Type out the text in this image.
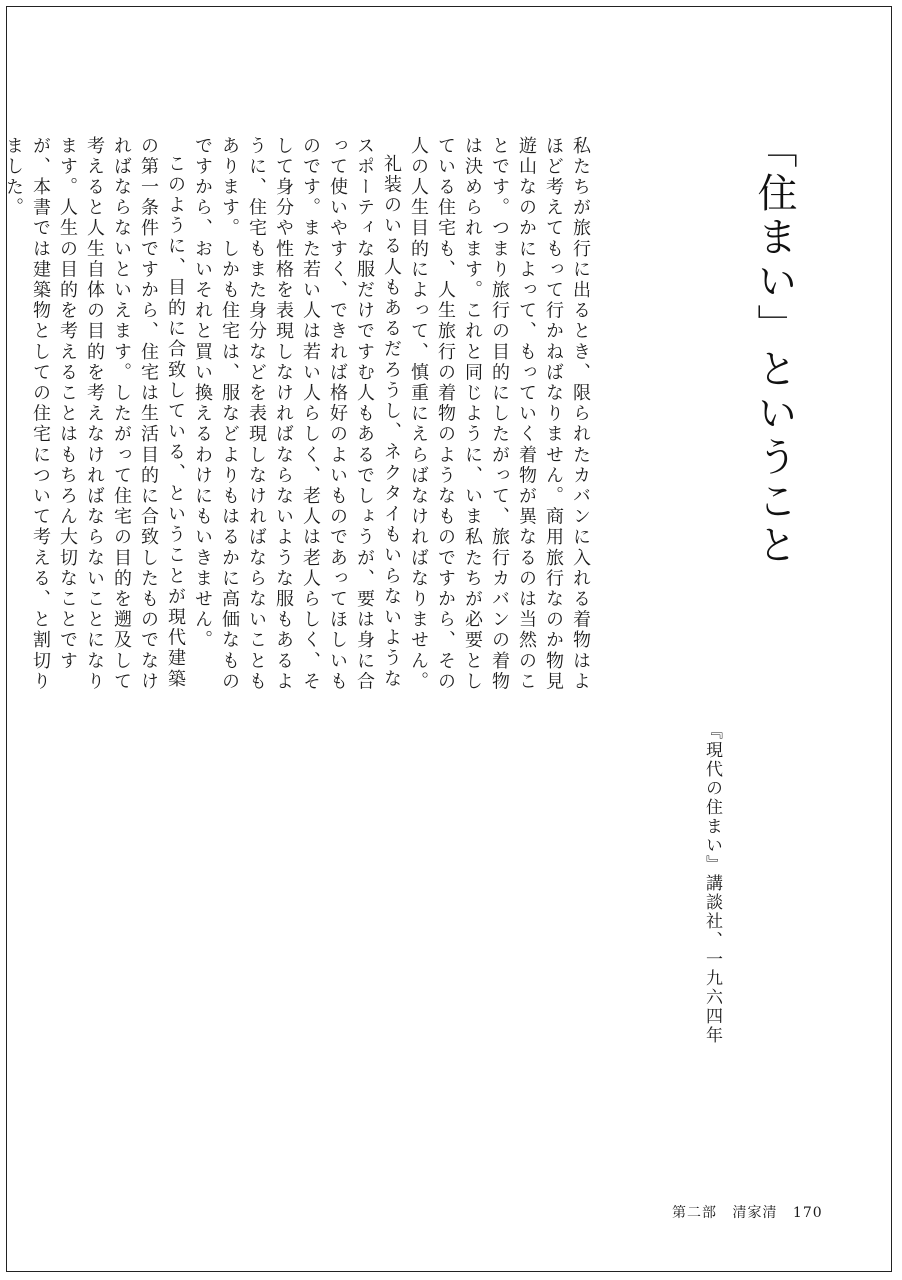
「住まい」ということ

私たちが旅行に出るとき、限られたカバンに入れる着物はよほど考えてもって行かねばなりません。商用旅行なのか物見遊山なのかによって、もっていく着物が異なるのは当然のことです。つまり旅行の目的にしたがって、旅行カバンの着物は決められます。これと同じように、いま私たちが必要としている住宅も、人生旅行の着物のようなものですから、その人の人生目的によって、慎重にえらばなければなりません。

礼装のいる人もあるだろうし、ネクタイもいらないようなスポーティな服だけですむ人もあるでしょうが、要は身に合って使いやすく、できれば格好のよいものであってほしいものです。また若い人は若い人らしく、老人は老人らしく、そして身分や性格を表現しなければならないような服もあるように、住宅もまた身分などを表現しなければならないこともあります。しかも住宅は、服などよりもはるかに高価なものですから、おいそれと買い換えるわけにもいきません。

このように、目的に合致している、ということが現代建築の第一条件ですから、住宅は生活目的に合致したものでなければならないといえます。したがって住宅の目的を遡及して考えると人生自体の目的を考えなければならないことになります。人生の目的を考えることはもちろん大切なことですが、本書では建築物としての住宅について考える、と割切りました。

『現代の住まい』講談社、一九六四年
第二部 清家清 170
